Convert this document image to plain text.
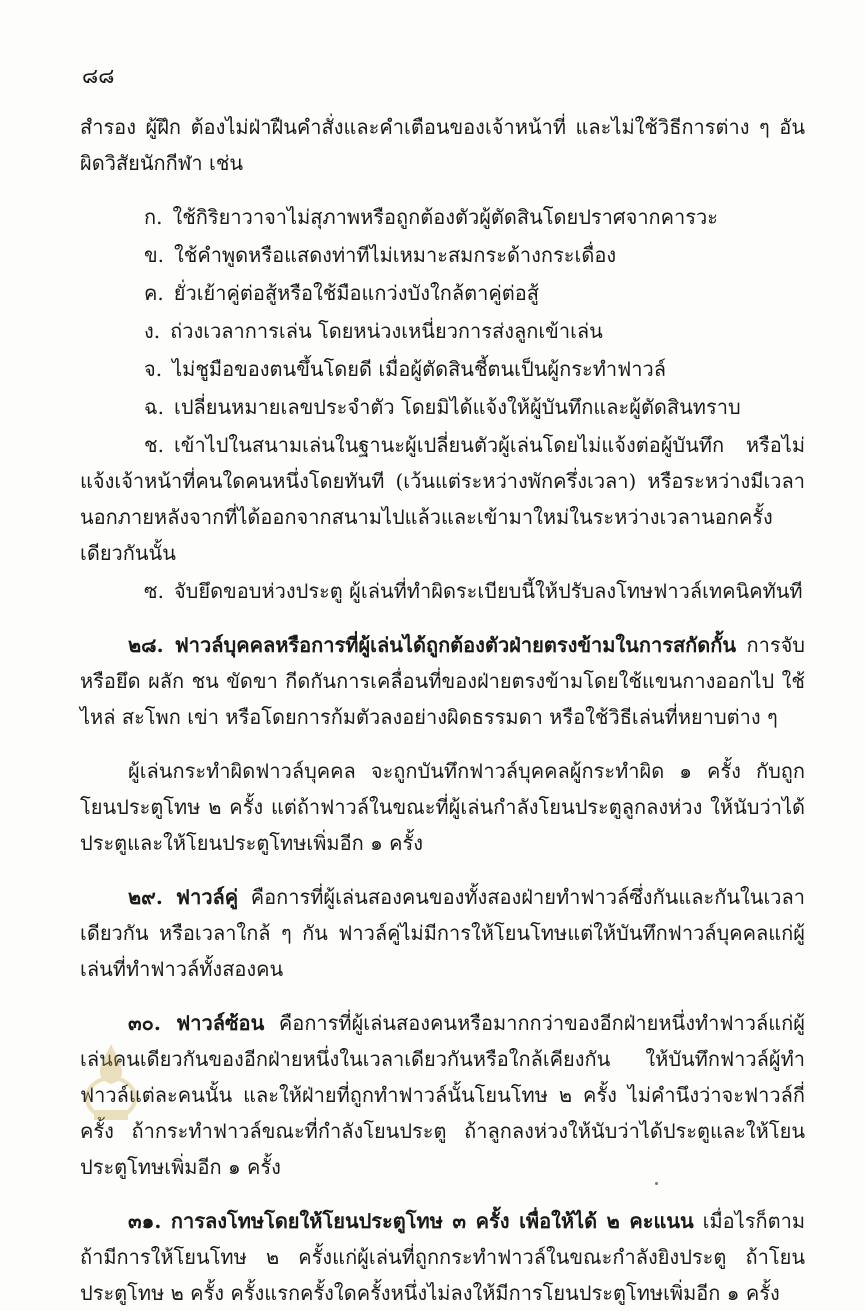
๘๘

สำรอง ผู้ฝึก ต้องไม่ฝ่าฝืนคำสั่งและคำเตือนของเจ้าหน้าที่ และไม่ใช้วิธีการต่าง ๆ อันผิดวิสัยนักกีฬา เช่น

ก. ใช้กิริยาวาจาไม่สุภาพหรือถูกต้องตัวผู้ตัดสินโดยปราศจากคารวะ
ข. ใช้คำพูดหรือแสดงท่าทีไม่เหมาะสมกระด้างกระเดื่อง
ค. ยั่วเย้าคู่ต่อสู้หรือใช้มือแกว่งบังใกล้ตาคู่ต่อสู้
ง. ถ่วงเวลาการเล่น โดยหน่วงเหนี่ยวการส่งลูกเข้าเล่น
จ. ไม่ชูมือของตนขึ้นโดยดี เมื่อผู้ตัดสินชี้ตนเป็นผู้กระทำฟาวล์
ฉ. เปลี่ยนหมายเลขประจำตัว โดยมิได้แจ้งให้ผู้บันทึกและผู้ตัดสินทราบ
ช. เข้าไปในสนามเล่นในฐานะผู้เปลี่ยนตัวผู้เล่นโดยไม่แจ้งต่อผู้บันทึก หรือไม่แจ้งเจ้าหน้าที่คนใดคนหนึ่งโดยทันที (เว้นแต่ระหว่างพักครึ่งเวลา) หรือระหว่างมีเวลานอกภายหลังจากที่ได้ออกจากสนามไปแล้วและเข้ามาใหม่ในระหว่างเวลานอกครั้งเดียวกันนั้น
ซ. จับยึดขอบห่วงประตู ผู้เล่นที่ทำผิดระเบียบนี้ให้ปรับลงโทษฟาวล์เทคนิคทันที

๒๘. ฟาวล์บุคคลหรือการที่ผู้เล่นได้ถูกต้องตัวฝ่ายตรงข้ามในการสกัดกั้น การจับหรือยึด ผลัก ชน ขัดขา กีดกันการเคลื่อนที่ของฝ่ายตรงข้ามโดยใช้แขนกางออกไป ใช้ไหล่ สะโพก เข่า หรือโดยการก้มตัวลงอย่างผิดธรรมดา หรือใช้วิธีเล่นที่หยาบต่าง ๆ

ผู้เล่นกระทำผิดฟาวล์บุคคล จะถูกบันทึกฟาวล์บุคคลผู้กระทำผิด ๑ ครั้ง กับถูกโยนประตูโทษ ๒ ครั้ง แต่ถ้าฟาวล์ในขณะที่ผู้เล่นกำลังโยนประตูลูกลงห่วง ให้นับว่าได้ประตูและให้โยนประตูโทษเพิ่มอีก ๑ ครั้ง

๒๙. ฟาวล์คู่ คือการที่ผู้เล่นสองคนของทั้งสองฝ่ายทำฟาวล์ซึ่งกันและกันในเวลาเดียวกัน หรือเวลาใกล้ ๆ กัน ฟาวล์คู่ไม่มีการให้โยนโทษแต่ให้บันทึกฟาวล์บุคคลแก่ผู้เล่นที่ทำฟาวล์ทั้งสองคน

๓๐. ฟาวล์ซ้อน คือการที่ผู้เล่นสองคนหรือมากกว่าของอีกฝ่ายหนึ่งทำฟาวล์แก่ผู้เล่นคนเดียวกันของอีกฝ่ายหนึ่งในเวลาเดียวกันหรือใกล้เคียงกัน ให้บันทึกฟาวล์ผู้ทำฟาวล์แต่ละคนนั้น และให้ฝ่ายที่ถูกทำฟาวล์นั้นโยนโทษ ๒ ครั้ง ไม่คำนึงว่าจะฟาวล์กี่ครั้ง ถ้ากระทำฟาวล์ขณะที่กำลังโยนประตู ถ้าลูกลงห่วงให้นับว่าได้ประตูและให้โยนประตูโทษเพิ่มอีก ๑ ครั้ง

๓๑. การลงโทษโดยให้โยนประตูโทษ ๓ ครั้ง เพื่อให้ได้ ๒ คะแนน เมื่อไรก็ตามถ้ามีการให้โยนโทษ ๒ ครั้งแก่ผู้เล่นที่ถูกกระทำฟาวล์ในขณะกำลังยิงประตู ถ้าโยนประตูโทษ ๒ ครั้ง ครั้งแรกครั้งใดครั้งหนึ่งไม่ลงให้มีการโยนประตูโทษเพิ่มอีก ๑ ครั้ง
